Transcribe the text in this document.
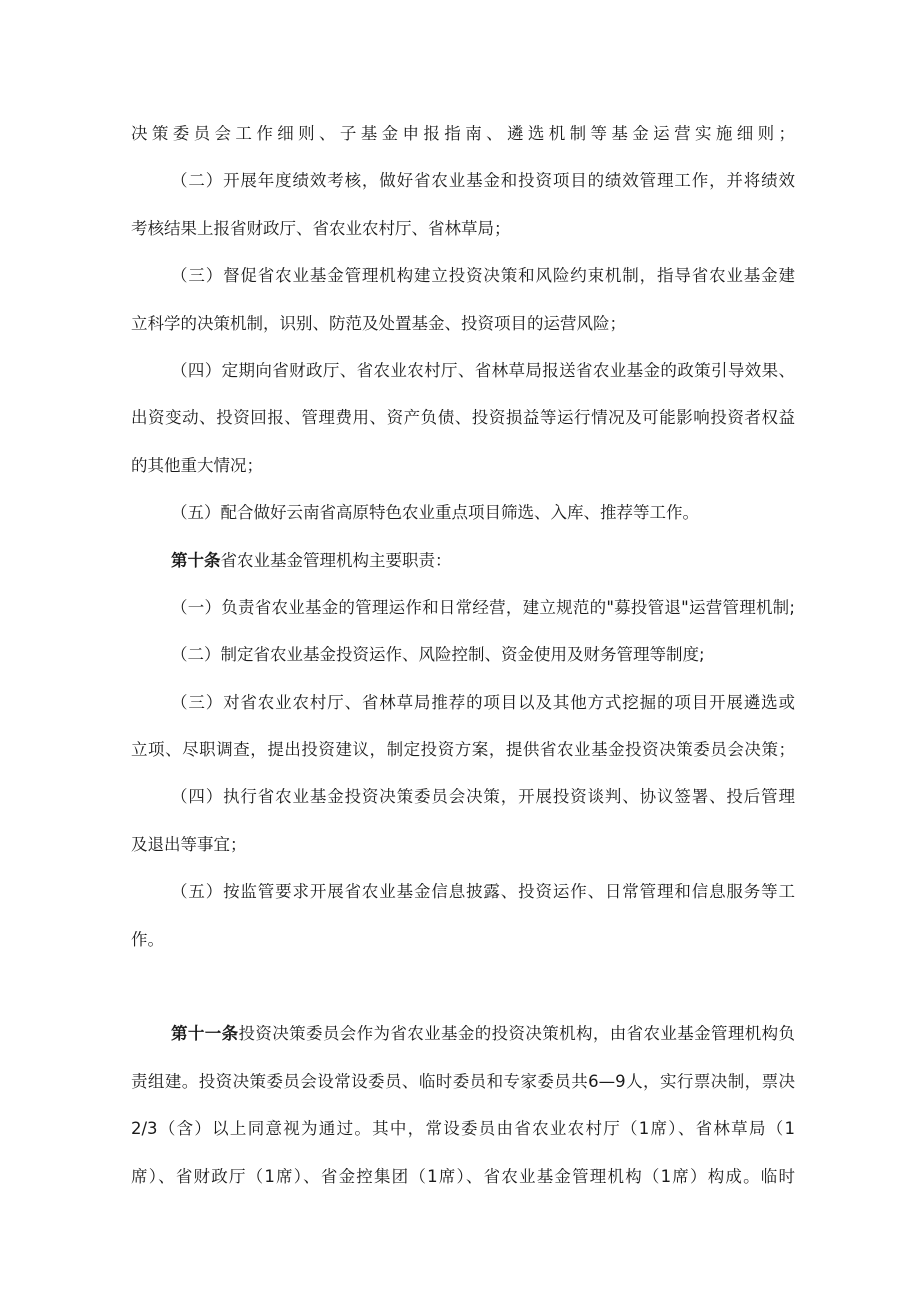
决策委员会工作细则、子基金申报指南、遴选机制等基金运营实施细则；
（二）开展年度绩效考核，做好省农业基金和投资项目的绩效管理工作，并将绩效
考核结果上报省财政厅、省农业农村厅、省林草局；
（三）督促省农业基金管理机构建立投资决策和风险约束机制，指导省农业基金建
立科学的决策机制，识别、防范及处置基金、投资项目的运营风险；
（四）定期向省财政厅、省农业农村厅、省林草局报送省农业基金的政策引导效果、
出资变动、投资回报、管理费用、资产负债、投资损益等运行情况及可能影响投资者权益
的其他重大情况；
（五）配合做好云南省高原特色农业重点项目筛选、入库、推荐等工作。
第十条省农业基金管理机构主要职责：
（一）负责省农业基金的管理运作和日常经营，建立规范的"募投管退"运营管理机制;
（二）制定省农业基金投资运作、风险控制、资金使用及财务管理等制度;
（三）对省农业农村厅、省林草局推荐的项目以及其他方式挖掘的项目开展遴选或
立项、尽职调查，提出投资建议，制定投资方案，提供省农业基金投资决策委员会决策；
（四）执行省农业基金投资决策委员会决策，开展投资谈判、协议签署、投后管理
及退出等事宜；
（五）按监管要求开展省农业基金信息披露、投资运作、日常管理和信息服务等工
作。
第十一条投资决策委员会作为省农业基金的投资决策机构，由省农业基金管理机构负
责组建。投资决策委员会设常设委员、临时委员和专家委员共6—9人，实行票决制，票决
2/3（含）以上同意视为通过。其中，常设委员由省农业农村厅（1席）、省林草局（1
席）、省财政厅（1席）、省金控集团（1席）、省农业基金管理机构（1席）构成。临时
